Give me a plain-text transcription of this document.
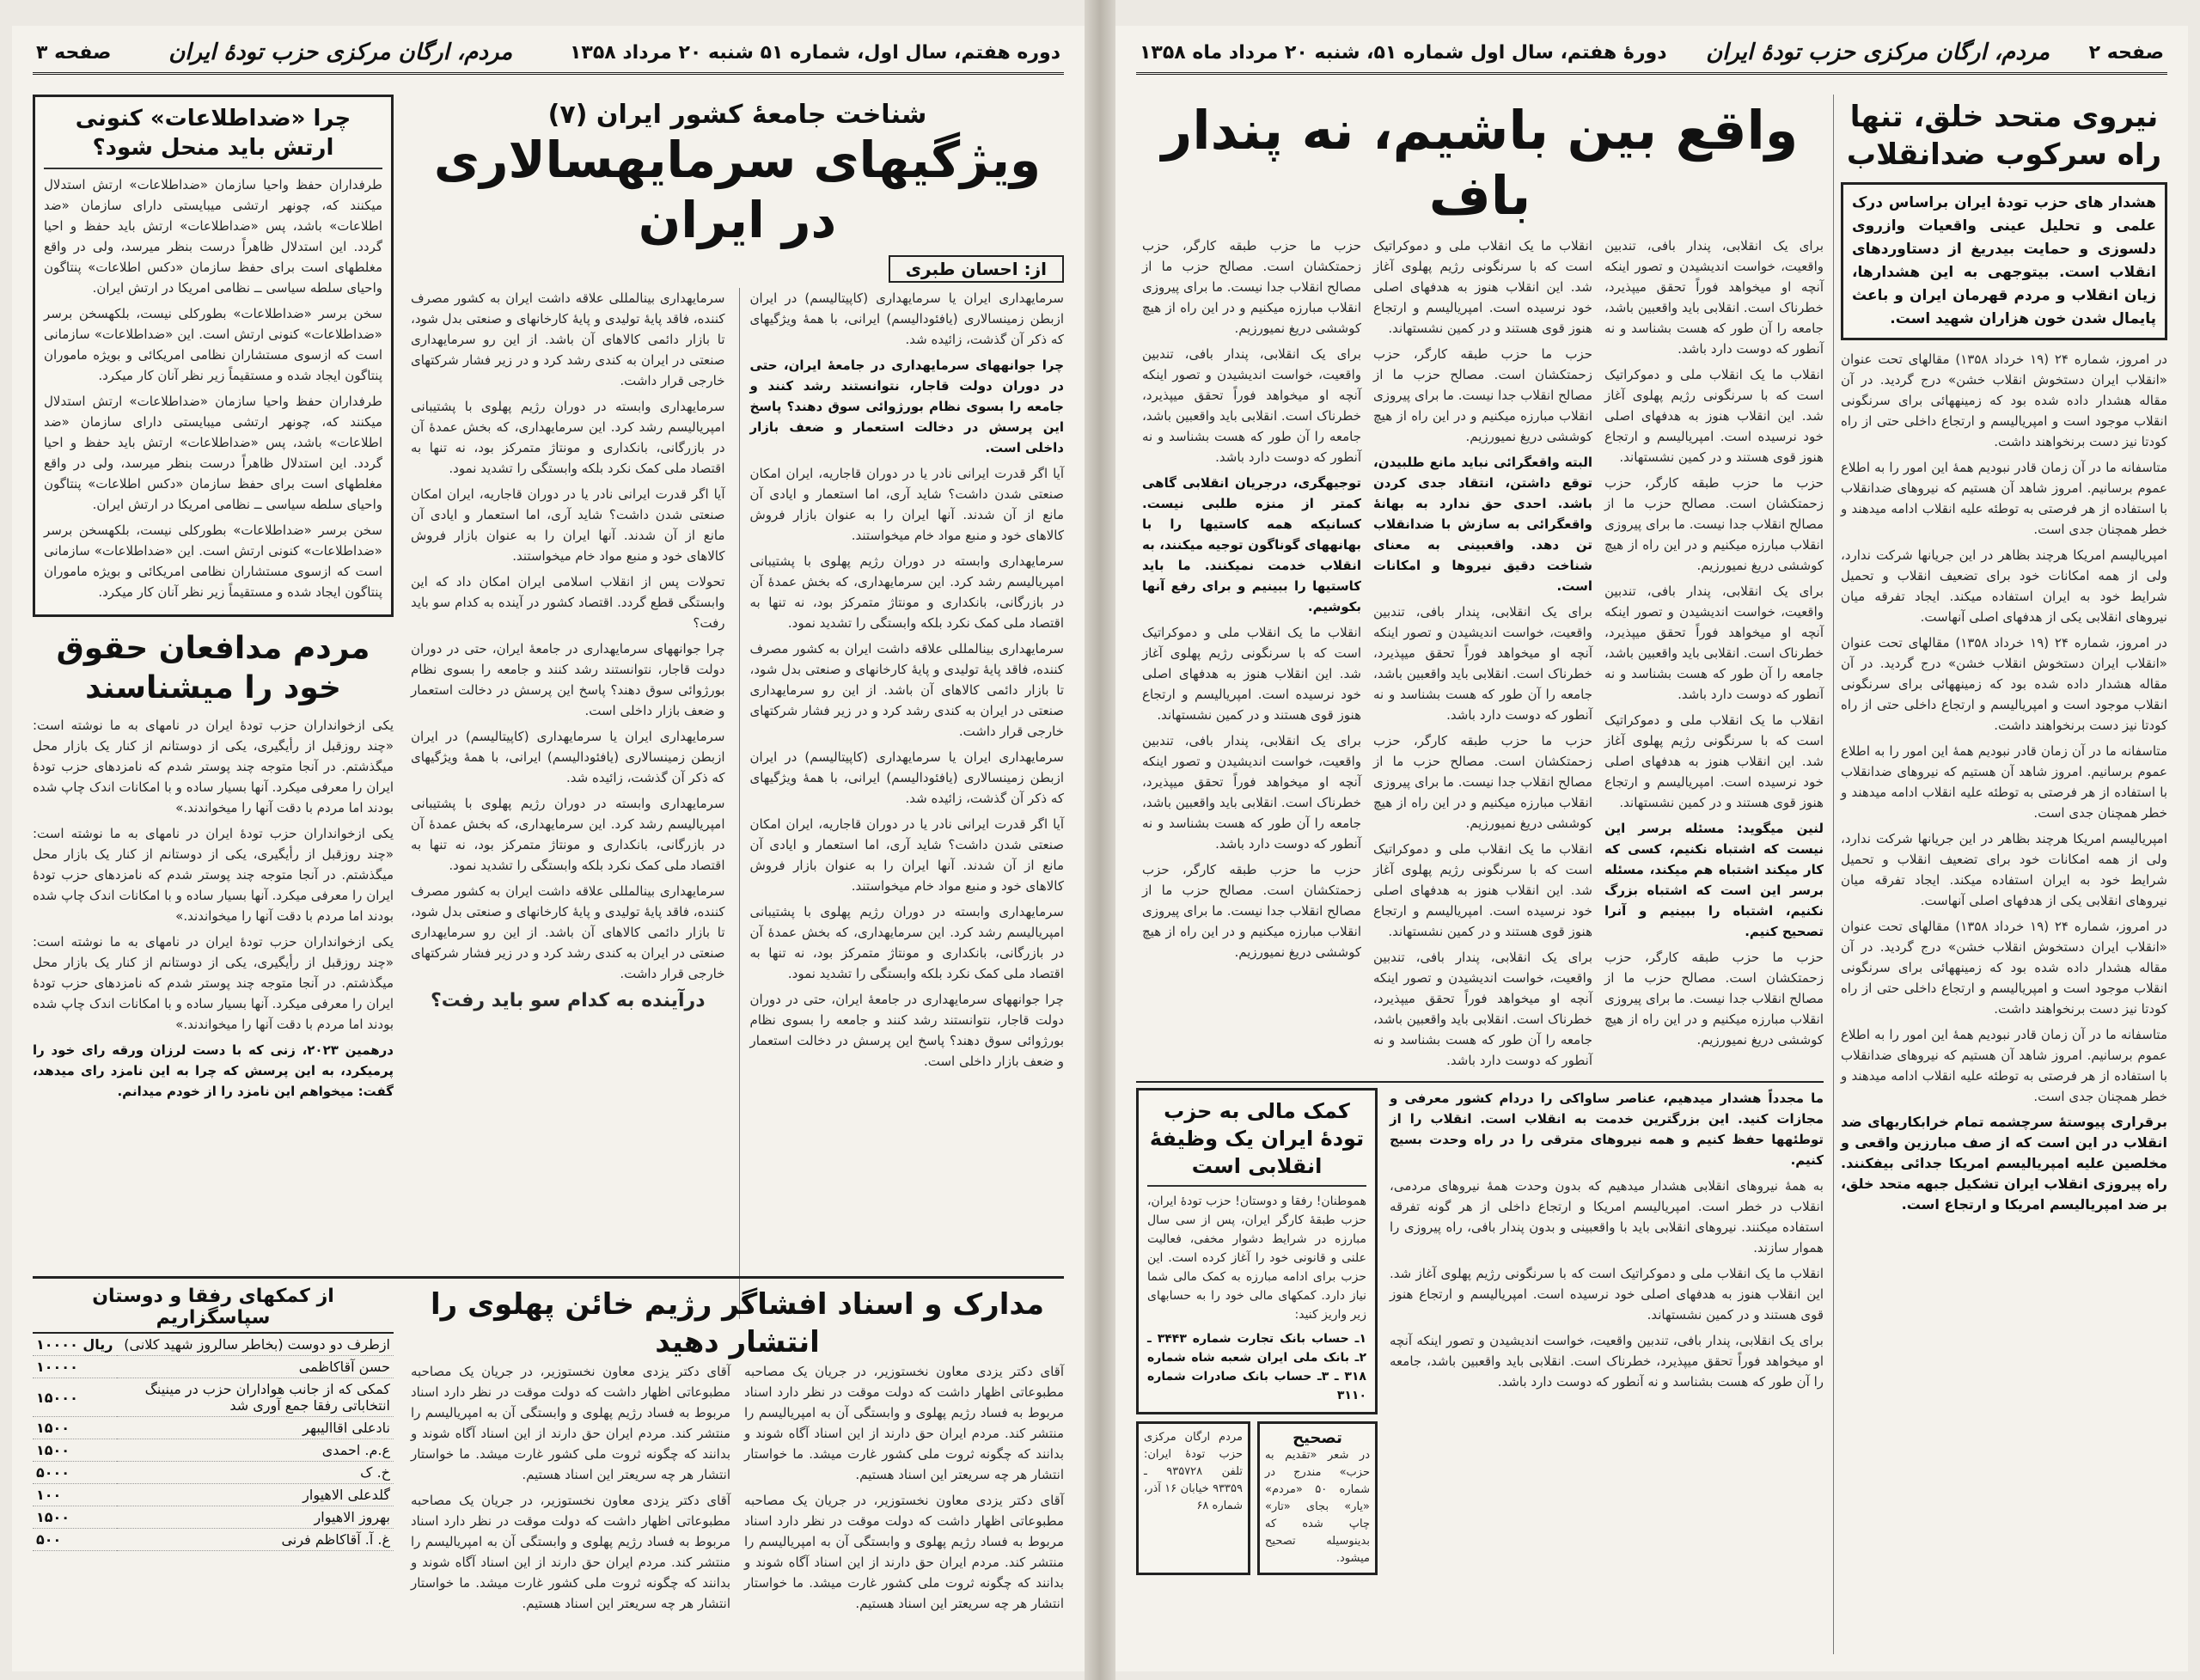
دوره هفتم، سال اول، شماره ۵۱ شنبه ۲۰ مرداد ۱۳۵۸
مردم، ارگان مرکزی حزب تودهٔ ایران
صفحه ۳
شناخت جامعهٔ کشور ایران (۷)
ویژگیهای سرمایهسالاری در ایران
از: احسان طبری

سرمایهداری ایران یا سرمایهداری (کاپیتالیسم) در ایران ازبطن زمینسالاری (یافئودالیسم) ایرانی، با همهٔ ویژگیهای که ذکر آن گذشت، زائیده شد.

چرا جوانههای سرمایهداری در جامعهٔ ایران، حتی در دوران دولت قاجار، نتوانستند رشد کنند و جامعه را بسوی نظام بورژوائی سوق دهند؟ پاسخ این پرسش در دخالت استعمار و ضعف بازار داخلی است.

آیا اگر قدرت ایرانی نادر یا در دوران قاجاریه، ایران امکان صنعتی شدن داشت؟ شاید آری، اما استعمار و ایادی آن مانع از آن شدند. آنها ایران را به عنوان بازار فروش کالاهای خود و منبع مواد خام میخواستند.

سرمایهداری وابسته در دوران رژیم پهلوی با پشتیبانی امپریالیسم رشد کرد. این سرمایهداری، که بخش عمدهٔ آن در بازرگانی، بانکداری و مونتاژ متمرکز بود، نه تنها به اقتصاد ملی کمک نکرد بلکه وابستگی را تشدید نمود.

سرمایهداری بینالمللی علاقه داشت ایران به کشور مصرف کننده، فاقد پایهٔ تولیدی و پایهٔ کارخانهای و صنعتی بدل شود، تا بازار دائمی کالاهای آن باشد. از این رو سرمایهداری صنعتی در ایران به کندی رشد کرد و در زیر فشار شرکتهای خارجی قرار داشت.

سرمایهداری ایران یا سرمایهداری (کاپیتالیسم) در ایران ازبطن زمینسالاری (یافئودالیسم) ایرانی، با همهٔ ویژگیهای که ذکر آن گذشت، زائیده شد.

آیا اگر قدرت ایرانی نادر یا در دوران قاجاریه، ایران امکان صنعتی شدن داشت؟ شاید آری، اما استعمار و ایادی آن مانع از آن شدند. آنها ایران را به عنوان بازار فروش کالاهای خود و منبع مواد خام میخواستند.

سرمایهداری وابسته در دوران رژیم پهلوی با پشتیبانی امپریالیسم رشد کرد. این سرمایهداری، که بخش عمدهٔ آن در بازرگانی، بانکداری و مونتاژ متمرکز بود، نه تنها به اقتصاد ملی کمک نکرد بلکه وابستگی را تشدید نمود.

چرا جوانههای سرمایهداری در جامعهٔ ایران، حتی در دوران دولت قاجار، نتوانستند رشد کنند و جامعه را بسوی نظام بورژوائی سوق دهند؟ پاسخ این پرسش در دخالت استعمار و ضعف بازار داخلی است.

سرمایهداری بینالمللی علاقه داشت ایران به کشور مصرف کننده، فاقد پایهٔ تولیدی و پایهٔ کارخانهای و صنعتی بدل شود، تا بازار دائمی کالاهای آن باشد. از این رو سرمایهداری صنعتی در ایران به کندی رشد کرد و در زیر فشار شرکتهای خارجی قرار داشت.

سرمایهداری وابسته در دوران رژیم پهلوی با پشتیبانی امپریالیسم رشد کرد. این سرمایهداری، که بخش عمدهٔ آن در بازرگانی، بانکداری و مونتاژ متمرکز بود، نه تنها به اقتصاد ملی کمک نکرد بلکه وابستگی را تشدید نمود.

آیا اگر قدرت ایرانی نادر یا در دوران قاجاریه، ایران امکان صنعتی شدن داشت؟ شاید آری، اما استعمار و ایادی آن مانع از آن شدند. آنها ایران را به عنوان بازار فروش کالاهای خود و منبع مواد خام میخواستند.

تحولات پس از انقلاب اسلامی ایران امکان داد که این وابستگی قطع گردد. اقتصاد کشور در آینده به کدام سو باید رفت؟

چرا جوانههای سرمایهداری در جامعهٔ ایران، حتی در دوران دولت قاجار، نتوانستند رشد کنند و جامعه را بسوی نظام بورژوائی سوق دهند؟ پاسخ این پرسش در دخالت استعمار و ضعف بازار داخلی است.

سرمایهداری ایران یا سرمایهداری (کاپیتالیسم) در ایران ازبطن زمینسالاری (یافئودالیسم) ایرانی، با همهٔ ویژگیهای که ذکر آن گذشت، زائیده شد.

سرمایهداری وابسته در دوران رژیم پهلوی با پشتیبانی امپریالیسم رشد کرد. این سرمایهداری، که بخش عمدهٔ آن در بازرگانی، بانکداری و مونتاژ متمرکز بود، نه تنها به اقتصاد ملی کمک نکرد بلکه وابستگی را تشدید نمود.

سرمایهداری بینالمللی علاقه داشت ایران به کشور مصرف کننده، فاقد پایهٔ تولیدی و پایهٔ کارخانهای و صنعتی بدل شود، تا بازار دائمی کالاهای آن باشد. از این رو سرمایهداری صنعتی در ایران به کندی رشد کرد و در زیر فشار شرکتهای خارجی قرار داشت.

درآینده به کدام سو باید رفت؟
چرا «ضداطلاعات» کنونی ارتش باید منحل شود؟

طرفداران حفظ واحیا سازمان «ضداطلاعات» ارتش استدلال میکنند که، چونهر ارتشی میبایستی دارای سازمان «ضد اطلاعات» باشد، پس «ضداطلاعات» ارتش باید حفظ و احیا گردد. این استدلال ظاهراً درست بنظر میرسد، ولی در واقع مغلطهای است برای حفظ سازمان «دکس اطلاعات» پنتاگون واحیای سلطه سیاسی ــ نظامی امریکا در ارتش ایران.

سخن برسر «ضداطلاعات» بطورکلی نیست، بلکهسخن برسر «ضداطلاعات» کنونی ارتش است. این «ضداطلاعات» سازمانی است که ازسوی مستشاران نظامی امریکائی و بویژه ماموران پنتاگون ایجاد شده و مستقیماً زیر نظر آنان کار میکرد.

طرفداران حفظ واحیا سازمان «ضداطلاعات» ارتش استدلال میکنند که، چونهر ارتشی میبایستی دارای سازمان «ضد اطلاعات» باشد، پس «ضداطلاعات» ارتش باید حفظ و احیا گردد. این استدلال ظاهراً درست بنظر میرسد، ولی در واقع مغلطهای است برای حفظ سازمان «دکس اطلاعات» پنتاگون واحیای سلطه سیاسی ــ نظامی امریکا در ارتش ایران.

سخن برسر «ضداطلاعات» بطورکلی نیست، بلکهسخن برسر «ضداطلاعات» کنونی ارتش است. این «ضداطلاعات» سازمانی است که ازسوی مستشاران نظامی امریکائی و بویژه ماموران پنتاگون ایجاد شده و مستقیماً زیر نظر آنان کار میکرد.

مردم مدافعان حقوق خود را میشناسند

یکی ازخوانداران حزب تودهٔ ایران در نامهای به ما نوشته است: «چند روزقبل از رأیگیری، یکی از دوستانم از کنار یک بازار محل میگذشتم. در آنجا متوجه چند پوستر شدم که نامزدهای حزب تودهٔ ایران را معرفی میکرد. آنها بسیار ساده و با امکانات اندک چاپ شده بودند اما مردم با دقت آنها را میخواندند.»

یکی ازخوانداران حزب تودهٔ ایران در نامهای به ما نوشته است: «چند روزقبل از رأیگیری، یکی از دوستانم از کنار یک بازار محل میگذشتم. در آنجا متوجه چند پوستر شدم که نامزدهای حزب تودهٔ ایران را معرفی میکرد. آنها بسیار ساده و با امکانات اندک چاپ شده بودند اما مردم با دقت آنها را میخواندند.»

یکی ازخوانداران حزب تودهٔ ایران در نامهای به ما نوشته است: «چند روزقبل از رأیگیری، یکی از دوستانم از کنار یک بازار محل میگذشتم. در آنجا متوجه چند پوستر شدم که نامزدهای حزب تودهٔ ایران را معرفی میکرد. آنها بسیار ساده و با امکانات اندک چاپ شده بودند اما مردم با دقت آنها را میخواندند.»

درهمین ۲۰۲۳، زنی که با دست لرزان ورقه رای خود را پرمیکرد، به این پرسش که چرا به این نامزد رای میدهد، گفت: میخواهم این نامزد را از خودم میدانم.

از کمکهای رفقا و دوستان سپاسگزاریم
ازطرف دو دوست (بخاطر سالروز شهید کلانی)	۱۰۰۰۰ ریال
حسن آقاکاظمی	۱۰۰۰۰
کمکی که از جانب هواداران حزب در مینینگ انتخاباتی رفقا جمع آوری شد	۱۵۰۰۰
نادعلی اقاالیبهر	۱۵۰۰
ع.م. احمدی	۱۵۰۰
خ. ک	۵۰۰۰
گلدعلی الاهیوار	۱۰۰
بهروز الاهیوار	۱۵۰۰
غ. آ. آقاکاظم فرنی	۵۰۰
مدارک و اسناد افشاگر رژیم خائن پهلوی را انتشار دهید

آقای دکتر یزدی معاون نخستوزیر، در جریان یک مصاحبه مطبوعاتی اظهار داشت که دولت موقت در نظر دارد اسناد مربوط به فساد رژیم پهلوی و وابستگی آن به امپریالیسم را منتشر کند. مردم ایران حق دارند از این اسناد آگاه شوند و بدانند که چگونه ثروت ملی کشور غارت میشد. ما خواستار انتشار هر چه سریعتر این اسناد هستیم.

آقای دکتر یزدی معاون نخستوزیر، در جریان یک مصاحبه مطبوعاتی اظهار داشت که دولت موقت در نظر دارد اسناد مربوط به فساد رژیم پهلوی و وابستگی آن به امپریالیسم را منتشر کند. مردم ایران حق دارند از این اسناد آگاه شوند و بدانند که چگونه ثروت ملی کشور غارت میشد. ما خواستار انتشار هر چه سریعتر این اسناد هستیم.

آقای دکتر یزدی معاون نخستوزیر، در جریان یک مصاحبه مطبوعاتی اظهار داشت که دولت موقت در نظر دارد اسناد مربوط به فساد رژیم پهلوی و وابستگی آن به امپریالیسم را منتشر کند. مردم ایران حق دارند از این اسناد آگاه شوند و بدانند که چگونه ثروت ملی کشور غارت میشد. ما خواستار انتشار هر چه سریعتر این اسناد هستیم.

آقای دکتر یزدی معاون نخستوزیر، در جریان یک مصاحبه مطبوعاتی اظهار داشت که دولت موقت در نظر دارد اسناد مربوط به فساد رژیم پهلوی و وابستگی آن به امپریالیسم را منتشر کند. مردم ایران حق دارند از این اسناد آگاه شوند و بدانند که چگونه ثروت ملی کشور غارت میشد. ما خواستار انتشار هر چه سریعتر این اسناد هستیم.

صفحه ۲
مردم، ارگان مرکزی حزب تودهٔ ایران
دورهٔ هفتم، سال اول شماره ۵۱، شنبه ۲۰ مرداد ماه ۱۳۵۸
نیروی متحد خلق، تنها راه سرکوب ضدانقلاب
هشدار های حزب تودهٔ ایران براساس درک علمی و تحلیل عینی واقعیات وازروی دلسوزی و حمایت بیدریغ از دستاوردهای انقلاب است. بیتوجهی به این هشدارها، زیان انقلاب و مردم قهرمان ایران و باعث پایمال شدن خون هزاران شهید است.

در امروز، شماره ۲۴ (۱۹ خرداد ۱۳۵۸) مقالهای تحت عنوان «انقلاب ایران دستخوش انقلاب خشن» درج گردید. در آن مقاله هشدار داده شده بود که زمینههائی برای سرنگونی انقلاب موجود است و امپریالیسم و ارتجاع داخلی حتی از راه کودتا نیز دست برنخواهند داشت.

متاسفانه ما در آن زمان قادر نبودیم همهٔ این امور را به اطلاع عموم برسانیم. امروز شاهد آن هستیم که نیروهای ضدانقلاب با استفاده از هر فرصتی به توطئه علیه انقلاب ادامه میدهند و خطر همچنان جدی است.

امپریالیسم امریکا هرچند بظاهر در این جریانها شرکت ندارد، ولی از همه امکانات خود برای تضعیف انقلاب و تحمیل شرایط خود به ایران استفاده میکند. ایجاد تفرقه میان نیروهای انقلابی یکی از هدفهای اصلی آنهاست.

در امروز، شماره ۲۴ (۱۹ خرداد ۱۳۵۸) مقالهای تحت عنوان «انقلاب ایران دستخوش انقلاب خشن» درج گردید. در آن مقاله هشدار داده شده بود که زمینههائی برای سرنگونی انقلاب موجود است و امپریالیسم و ارتجاع داخلی حتی از راه کودتا نیز دست برنخواهند داشت.

متاسفانه ما در آن زمان قادر نبودیم همهٔ این امور را به اطلاع عموم برسانیم. امروز شاهد آن هستیم که نیروهای ضدانقلاب با استفاده از هر فرصتی به توطئه علیه انقلاب ادامه میدهند و خطر همچنان جدی است.

امپریالیسم امریکا هرچند بظاهر در این جریانها شرکت ندارد، ولی از همه امکانات خود برای تضعیف انقلاب و تحمیل شرایط خود به ایران استفاده میکند. ایجاد تفرقه میان نیروهای انقلابی یکی از هدفهای اصلی آنهاست.

در امروز، شماره ۲۴ (۱۹ خرداد ۱۳۵۸) مقالهای تحت عنوان «انقلاب ایران دستخوش انقلاب خشن» درج گردید. در آن مقاله هشدار داده شده بود که زمینههائی برای سرنگونی انقلاب موجود است و امپریالیسم و ارتجاع داخلی حتی از راه کودتا نیز دست برنخواهند داشت.

متاسفانه ما در آن زمان قادر نبودیم همهٔ این امور را به اطلاع عموم برسانیم. امروز شاهد آن هستیم که نیروهای ضدانقلاب با استفاده از هر فرصتی به توطئه علیه انقلاب ادامه میدهند و خطر همچنان جدی است.

برقراری پیوستهٔ سرچشمه تمام خرابکاریهای ضد انقلاب در این است که از صف مبارزین واقعی و مخلصین علیه امپریالیسم امریکا جدائی بیفکنند. راه پیروزی انقلاب ایران تشکیل جبهه متحد خلق، بر ضد امپریالیسم امریکا و ارتجاع است.

واقع بین باشیم، نه پندار باف

برای یک انقلابی، پندار بافی، تندبین واقعیت، خواست اندیشیدن و تصور اینکه آنچه او میخواهد فوراً تحقق میپذیرد، خطرناک است. انقلابی باید واقعبین باشد، جامعه را آن طور که هست بشناسد و نه آنطور که دوست دارد باشد.

انقلاب ما یک انقلاب ملی و دموکراتیک است که با سرنگونی رژیم پهلوی آغاز شد. این انقلاب هنوز به هدفهای اصلی خود نرسیده است. امپریالیسم و ارتجاع هنوز قوی هستند و در کمین نشستهاند.

حزب ما حزب طبقه کارگر، حزب زحمتکشان است. مصالح حزب ما از مصالح انقلاب جدا نیست. ما برای پیروزی انقلاب مبارزه میکنیم و در این راه از هیچ کوششی دریغ نمیورزیم.

برای یک انقلابی، پندار بافی، تندبین واقعیت، خواست اندیشیدن و تصور اینکه آنچه او میخواهد فوراً تحقق میپذیرد، خطرناک است. انقلابی باید واقعبین باشد، جامعه را آن طور که هست بشناسد و نه آنطور که دوست دارد باشد.

انقلاب ما یک انقلاب ملی و دموکراتیک است که با سرنگونی رژیم پهلوی آغاز شد. این انقلاب هنوز به هدفهای اصلی خود نرسیده است. امپریالیسم و ارتجاع هنوز قوی هستند و در کمین نشستهاند.

لنین میگوید: مسئله برسر این نیست که اشتباه نکنیم، کسی که کار میکند اشتباه هم میکند، مسئله برسر این است که اشتباه بزرگ نکنیم، اشتباه را ببینیم و آنرا تصحیح کنیم.

حزب ما حزب طبقه کارگر، حزب زحمتکشان است. مصالح حزب ما از مصالح انقلاب جدا نیست. ما برای پیروزی انقلاب مبارزه میکنیم و در این راه از هیچ کوششی دریغ نمیورزیم.

انقلاب ما یک انقلاب ملی و دموکراتیک است که با سرنگونی رژیم پهلوی آغاز شد. این انقلاب هنوز به هدفهای اصلی خود نرسیده است. امپریالیسم و ارتجاع هنوز قوی هستند و در کمین نشستهاند.

حزب ما حزب طبقه کارگر، حزب زحمتکشان است. مصالح حزب ما از مصالح انقلاب جدا نیست. ما برای پیروزی انقلاب مبارزه میکنیم و در این راه از هیچ کوششی دریغ نمیورزیم.

البته واقعگرائی نباید مانع طلبیدن، توقع داشتن، انتقاد جدی کردن باشد. احدی حق ندارد به بهانهٔ واقعگرائی به سازش با ضدانقلاب تن دهد. واقعبینی به معنای شناخت دقیق نیروها و امکانات است.

برای یک انقلابی، پندار بافی، تندبین واقعیت، خواست اندیشیدن و تصور اینکه آنچه او میخواهد فوراً تحقق میپذیرد، خطرناک است. انقلابی باید واقعبین باشد، جامعه را آن طور که هست بشناسد و نه آنطور که دوست دارد باشد.

حزب ما حزب طبقه کارگر، حزب زحمتکشان است. مصالح حزب ما از مصالح انقلاب جدا نیست. ما برای پیروزی انقلاب مبارزه میکنیم و در این راه از هیچ کوششی دریغ نمیورزیم.

انقلاب ما یک انقلاب ملی و دموکراتیک است که با سرنگونی رژیم پهلوی آغاز شد. این انقلاب هنوز به هدفهای اصلی خود نرسیده است. امپریالیسم و ارتجاع هنوز قوی هستند و در کمین نشستهاند.

برای یک انقلابی، پندار بافی، تندبین واقعیت، خواست اندیشیدن و تصور اینکه آنچه او میخواهد فوراً تحقق میپذیرد، خطرناک است. انقلابی باید واقعبین باشد، جامعه را آن طور که هست بشناسد و نه آنطور که دوست دارد باشد.

حزب ما حزب طبقه کارگر، حزب زحمتکشان است. مصالح حزب ما از مصالح انقلاب جدا نیست. ما برای پیروزی انقلاب مبارزه میکنیم و در این راه از هیچ کوششی دریغ نمیورزیم.

برای یک انقلابی، پندار بافی، تندبین واقعیت، خواست اندیشیدن و تصور اینکه آنچه او میخواهد فوراً تحقق میپذیرد، خطرناک است. انقلابی باید واقعبین باشد، جامعه را آن طور که هست بشناسد و نه آنطور که دوست دارد باشد.

توجیهگری، درجریان انقلابی گاهی کمتر از منزه طلبی نیست. کسانیکه همه کاستیها را با بهانههای گوناگون توجیه میکنند، به انقلاب خدمت نمیکنند. ما باید کاستیها را ببینیم و برای رفع آنها بکوشیم.

انقلاب ما یک انقلاب ملی و دموکراتیک است که با سرنگونی رژیم پهلوی آغاز شد. این انقلاب هنوز به هدفهای اصلی خود نرسیده است. امپریالیسم و ارتجاع هنوز قوی هستند و در کمین نشستهاند.

برای یک انقلابی، پندار بافی، تندبین واقعیت، خواست اندیشیدن و تصور اینکه آنچه او میخواهد فوراً تحقق میپذیرد، خطرناک است. انقلابی باید واقعبین باشد، جامعه را آن طور که هست بشناسد و نه آنطور که دوست دارد باشد.

حزب ما حزب طبقه کارگر، حزب زحمتکشان است. مصالح حزب ما از مصالح انقلاب جدا نیست. ما برای پیروزی انقلاب مبارزه میکنیم و در این راه از هیچ کوششی دریغ نمیورزیم.

ما مجدداً هشدار میدهیم، عناصر ساواکی را دردام کشور معرفی و مجازات کنید. این بزرگترین خدمت به انقلاب است. انقلاب را از توطئهها حفظ کنیم و همه نیروهای مترقی را در راه وحدت بسیج کنیم.

به همهٔ نیروهای انقلابی هشدار میدهیم که بدون وحدت همهٔ نیروهای مردمی، انقلاب در خطر است. امپریالیسم امریکا و ارتجاع داخلی از هر گونه تفرقه استفاده میکنند. نیروهای انقلابی باید با واقعبینی و بدون پندار بافی، راه پیروزی را هموار سازند.

انقلاب ما یک انقلاب ملی و دموکراتیک است که با سرنگونی رژیم پهلوی آغاز شد. این انقلاب هنوز به هدفهای اصلی خود نرسیده است. امپریالیسم و ارتجاع هنوز قوی هستند و در کمین نشستهاند.

برای یک انقلابی، پندار بافی، تندبین واقعیت، خواست اندیشیدن و تصور اینکه آنچه او میخواهد فوراً تحقق میپذیرد، خطرناک است. انقلابی باید واقعبین باشد، جامعه را آن طور که هست بشناسد و نه آنطور که دوست دارد باشد.

کمک مالی به حزب تودهٔ ایران یک وظیفهٔ انقلابی است
هموطنان! رفقا و دوستان! حزب تودهٔ ایران، حزب طبقهٔ کارگر ایران، پس از سی سال مبارزه در شرایط دشوار مخفی، فعالیت علنی و قانونی خود را آغاز کرده است. این حزب برای ادامه مبارزه به کمک مالی شما نیاز دارد. کمکهای مالی خود را به حسابهای زیر واریز کنید:
۱ـ حساب بانک تجارت شماره ۳۴۴۳ ـ ۲ـ بانک ملی ایران شعبه شاه شماره ۳۱۸ ـ ۳ـ حساب بانک صادرات شماره ۳۱۱۰
تصحیح
در شعر «تقدیم به حزب» مندرج در شماره ۵۰ «مردم» «یار» بجای «تار» چاپ شده که بدینوسیله تصحیح میشود.
مردم ارگان مرکزی حزب تودهٔ ایران: تلفن ۹۳۵۷۲۸ ـ ۹۳۳۵۹ خیابان ۱۶ آذر، شماره ۶۸
